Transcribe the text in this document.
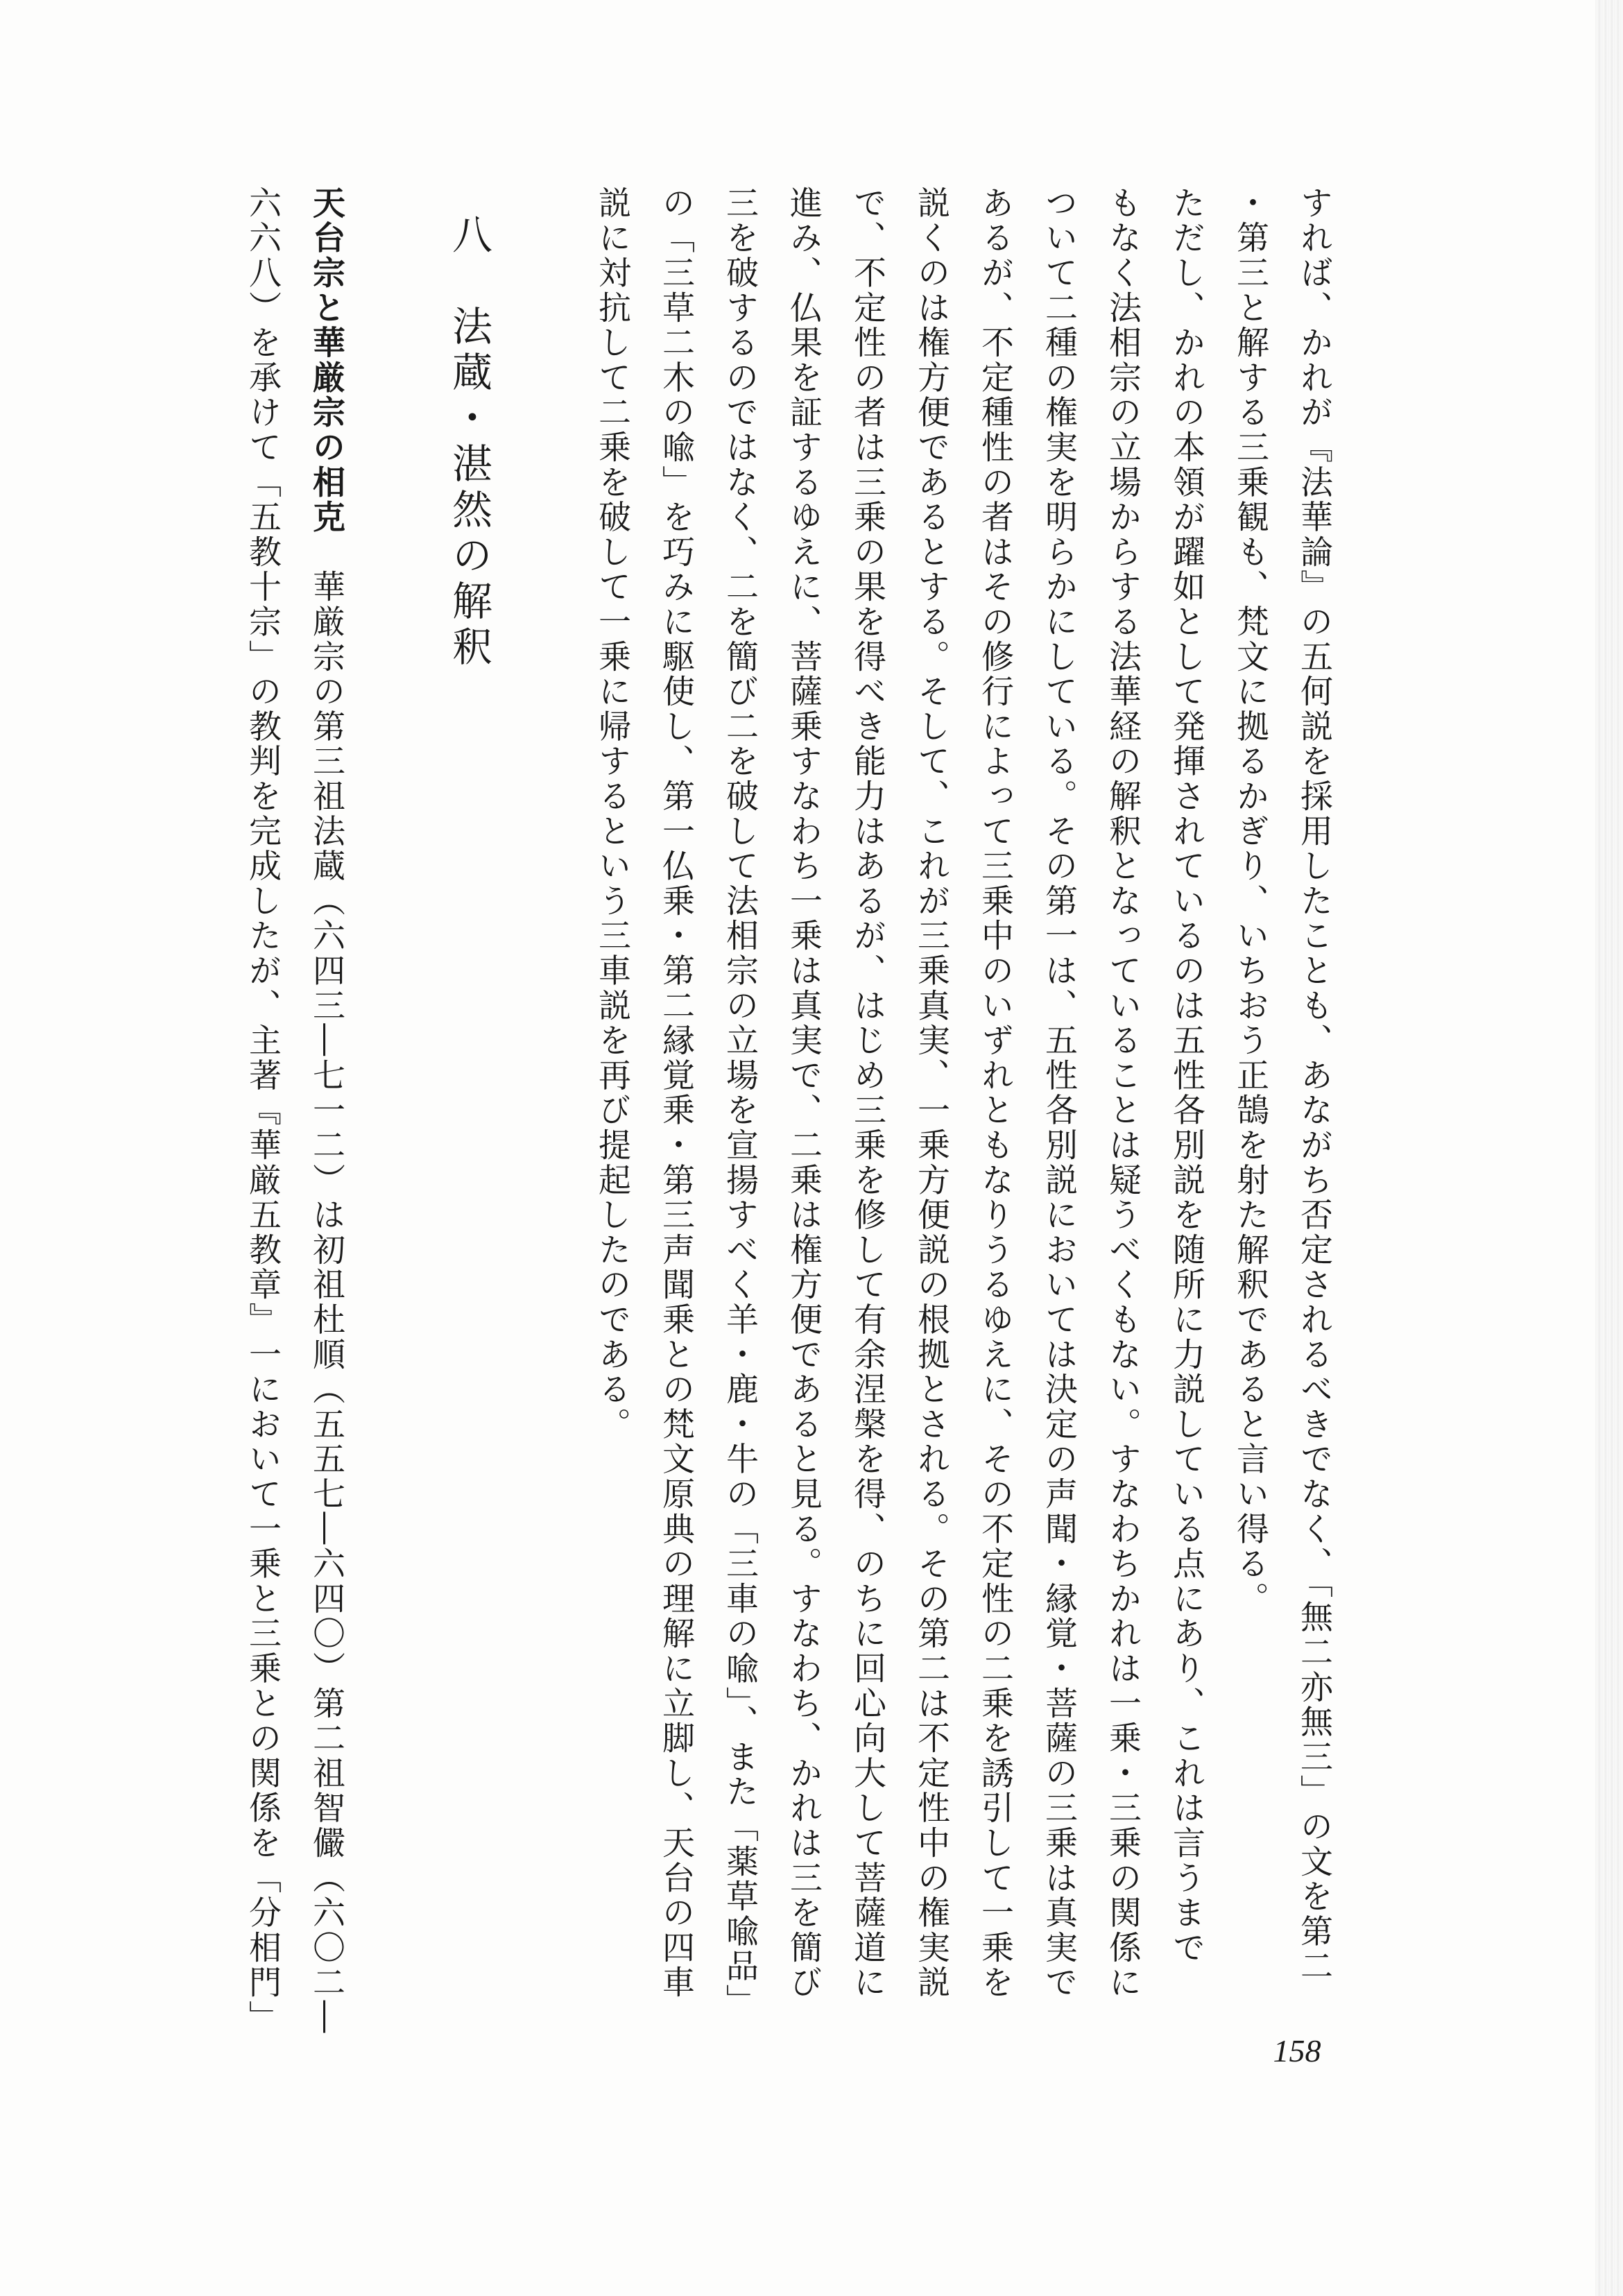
すれば、かれが『法華論』の五何説を採用したことも、あながち否定されるべきでなく、「無二亦無三」の文を第二
・第三と解する三乗観も、梵文に拠るかぎり、いちおう正鵠を射た解釈であると言い得る。
ただし、かれの本領が躍如として発揮されているのは五性各別説を随所に力説している点にあり、これは言うまで
もなく法相宗の立場からする法華経の解釈となっていることは疑うべくもない。すなわちかれは一乗・三乗の関係に
ついて二種の権実を明らかにしている。その第一は、五性各別説においては決定の声聞・縁覚・菩薩の三乗は真実で
あるが、不定種性の者はその修行によって三乗中のいずれともなりうるゆえに、その不定性の二乗を誘引して一乗を
説くのは権方便であるとする。そして、これが三乗真実、一乗方便説の根拠とされる。その第二は不定性中の権実説
で、不定性の者は三乗の果を得べき能力はあるが、はじめ三乗を修して有余涅槃を得、のちに回心向大して菩薩道に
進み、仏果を証するゆえに、菩薩乗すなわち一乗は真実で、二乗は権方便であると見る。すなわち、かれは三を簡び
三を破するのではなく、二を簡び二を破して法相宗の立場を宣揚すべく羊・鹿・牛の「三車の喩」、また「薬草喩品」
の「三草二木の喩」を巧みに駆使し、第一仏乗・第二縁覚乗・第三声聞乗との梵文原典の理解に立脚し、天台の四車
説に対抗して二乗を破して一乗に帰するという三車説を再び提起したのである。
八　法蔵・湛然の解釈
天台宗と華厳宗の相克　華厳宗の第三祖法蔵（六四三―七一二）は初祖杜順（五五七―六四〇）第二祖智儼（六〇二―
六六八）を承けて「五教十宗」の教判を完成したが、主著『華厳五教章』一において一乗と三乗との関係を「分相門」
158
